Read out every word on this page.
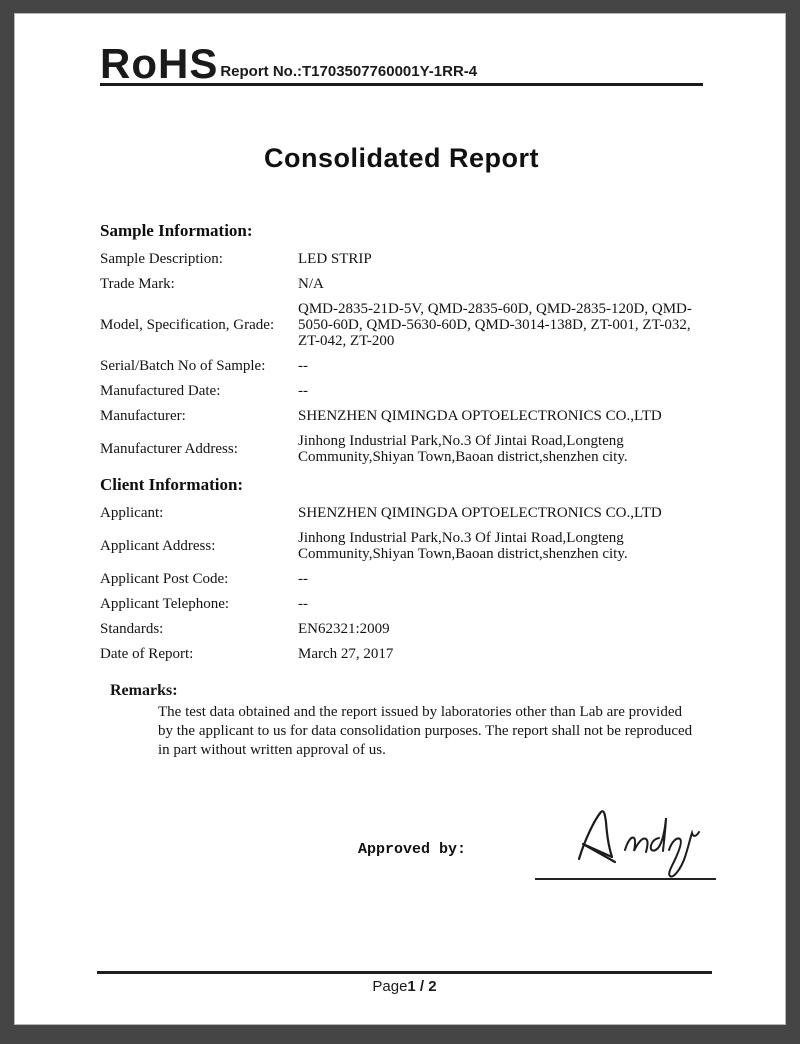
RoHS Report No.:T1703507760001Y-1RR-4
Consolidated Report
Sample Information:
Sample Description:	LED STRIP
Trade Mark:	N/A
Model, Specification, Grade:
QMD-2835-21D-5V, QMD-2835-60D, QMD-2835-120D, QMD-5050-60D, QMD-5630-60D, QMD-3014-138D, ZT-001, ZT-032, ZT-042, ZT-200
Serial/Batch No of Sample:	--
Manufactured Date:	--
Manufacturer:	SHENZHEN QIMINGDA OPTOELECTRONICS CO.,LTD
Manufacturer Address:	Jinhong Industrial Park,No.3 Of Jintai Road,Longteng Community,Shiyan Town,Baoan district,shenzhen city.
Client Information:
Applicant:	SHENZHEN QIMINGDA OPTOELECTRONICS CO.,LTD
Applicant Address:	Jinhong Industrial Park,No.3 Of Jintai Road,Longteng Community,Shiyan Town,Baoan district,shenzhen city.
Applicant Post Code:	--
Applicant Telephone:	--
Standards:	EN62321:2009
Date of Report:	March 27, 2017
Remarks:
The test data obtained and the report issued by laboratories other than Lab are provided by the applicant to us for data consolidation purposes. The report shall not be reproduced in part without written approval of us.
Approved by:
Page1 / 2
